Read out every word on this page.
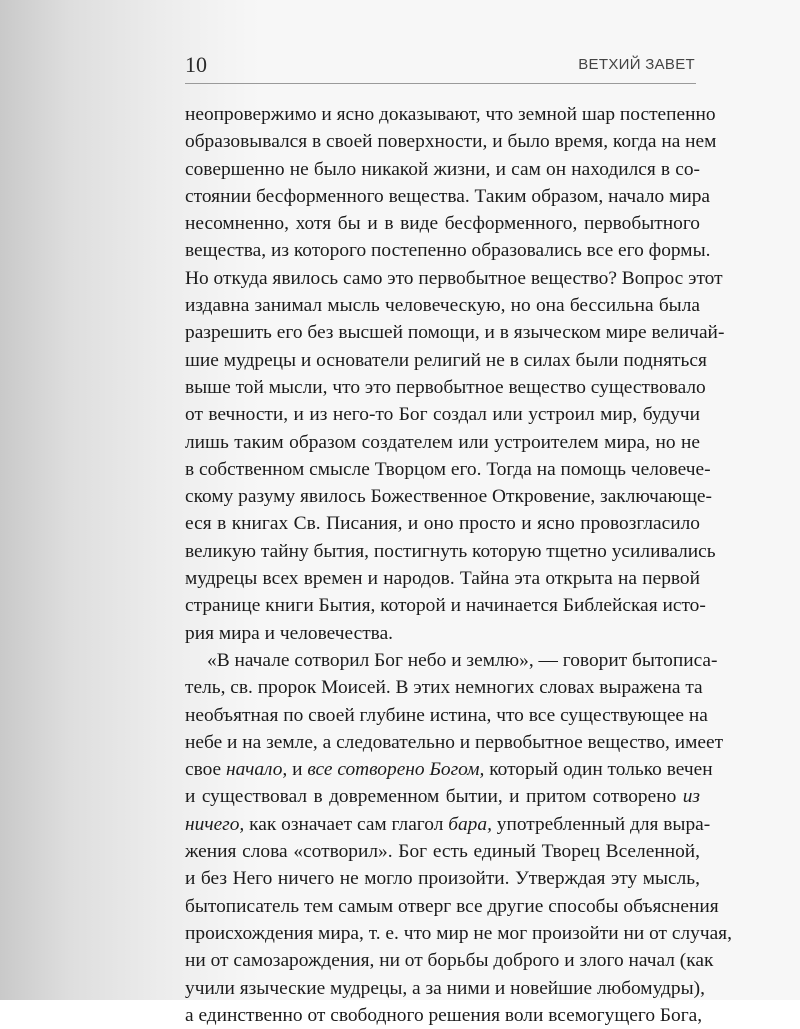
10	ВЕТХИЙ ЗАВЕТ
неопровержимо и ясно доказывают, что земной шар постепенно
образовывался в своей поверхности, и было время, когда на нем
совершенно не было никакой жизни, и сам он находился в со-
стоянии бесформенного вещества. Таким образом, начало мира
несомненно, хотя бы и в виде бесформенного, первобытного
вещества, из которого постепенно образовались все его формы.
Но откуда явилось само это первобытное вещество? Вопрос этот
издавна занимал мысль человеческую, но она бессильна была
разрешить его без высшей помощи, и в языческом мире величай-
шие мудрецы и основатели религий не в силах были подняться
выше той мысли, что это первобытное вещество существовало
от вечности, и из него-то Бог создал или устроил мир, будучи
лишь таким образом создателем или устроителем мира, но не
в собственном смысле Творцом его. Тогда на помощь человече-
скому разуму явилось Божественное Откровение, заключающе-
еся в книгах Св. Писания, и оно просто и ясно провозгласило
великую тайну бытия, постигнуть которую тщетно усиливались
мудрецы всех времен и народов. Тайна эта открыта на первой
странице книги Бытия, которой и начинается Библейская исто-
рия мира и человечества.
«В начале сотворил Бог небо и землю», — говорит бытописа-
тель, св. пророк Моисей. В этих немногих словах выражена та
необъятная по своей глубине истина, что все существующее на
небе и на земле, а следовательно и первобытное вещество, имеет
свое начало, и все сотворено Богом, который один только вечен
и существовал в довременном бытии, и притом сотворено из
ничего, как означает сам глагол бара, употребленный для выра-
жения слова «сотворил». Бог есть единый Творец Вселенной,
и без Него ничего не могло произойти. Утверждая эту мысль,
бытописатель тем самым отверг все другие способы объяснения
происхождения мира, т. е. что мир не мог произойти ни от случая,
ни от самозарождения, ни от борьбы доброго и злого начал (как
учили языческие мудрецы, а за ними и новейшие любомудры),
а единственно от свободного решения воли всемогущего Бога,
